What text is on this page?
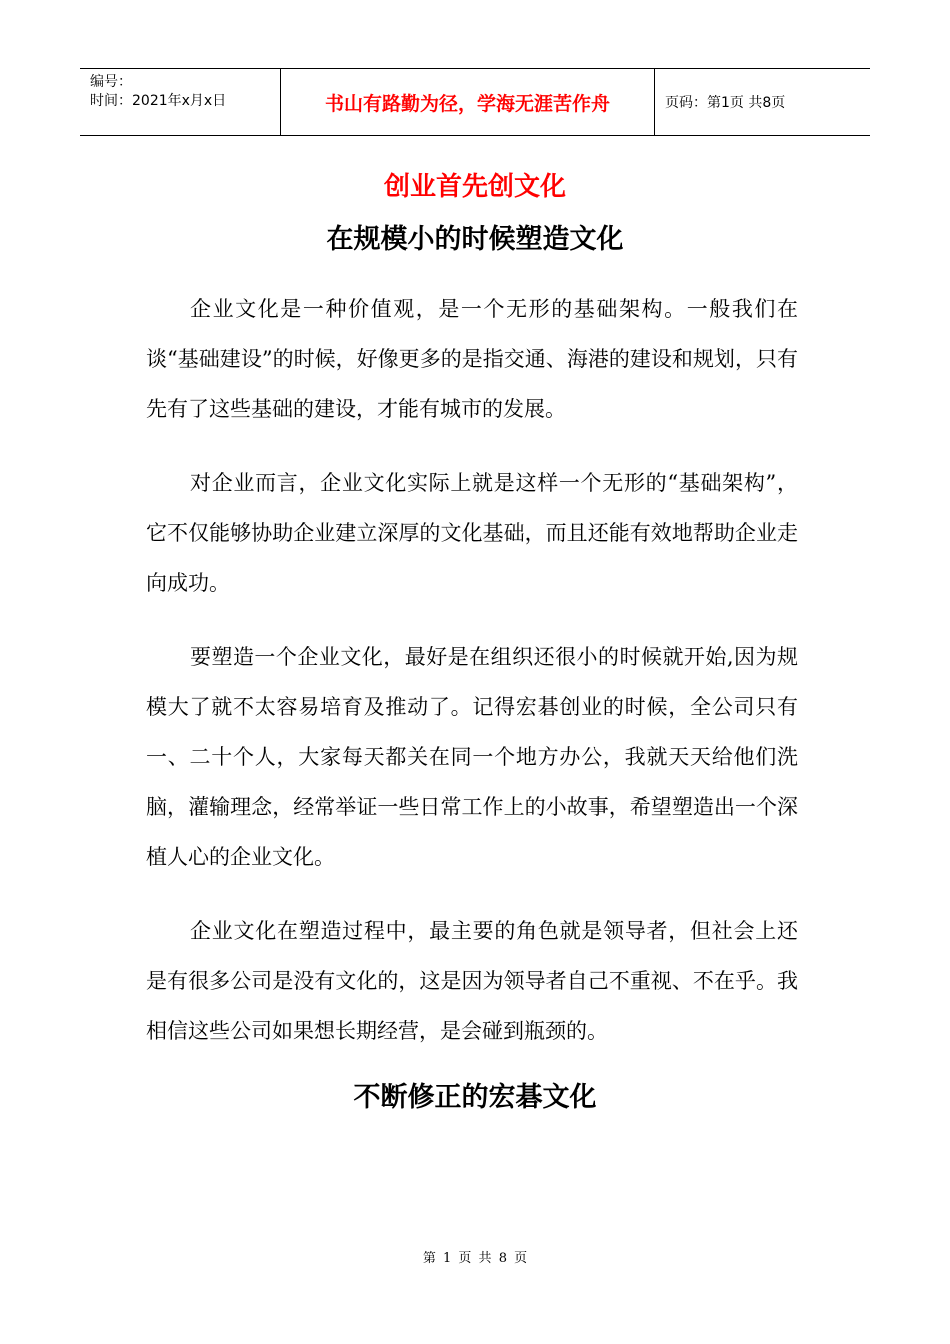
编号：
时间：2021年x月x日	书山有路勤为径，学海无涯苦作舟	页码：第1页 共8页
创业首先创文化
在规模小的时候塑造文化

企业文化是一种价值观，是一个无形的基础架构。一般我们在谈“基础建设”的时候，好像更多的是指交通、海港的建设和规划，只有先有了这些基础的建设，才能有城市的发展。

对企业而言，企业文化实际上就是这样一个无形的“基础架构”，它不仅能够协助企业建立深厚的文化基础，而且还能有效地帮助企业走向成功。

要塑造一个企业文化，最好是在组织还很小的时候就开始,因为规模大了就不太容易培育及推动了。记得宏碁创业的时候，全公司只有一、二十个人，大家每天都关在同一个地方办公，我就天天给他们洗脑，灌输理念，经常举证一些日常工作上的小故事，希望塑造出一个深植人心的企业文化。

企业文化在塑造过程中，最主要的角色就是领导者，但社会上还是有很多公司是没有文化的，这是因为领导者自己不重视、不在乎。我相信这些公司如果想长期经营，是会碰到瓶颈的。

不断修正的宏碁文化
第 1 页 共 8 页
